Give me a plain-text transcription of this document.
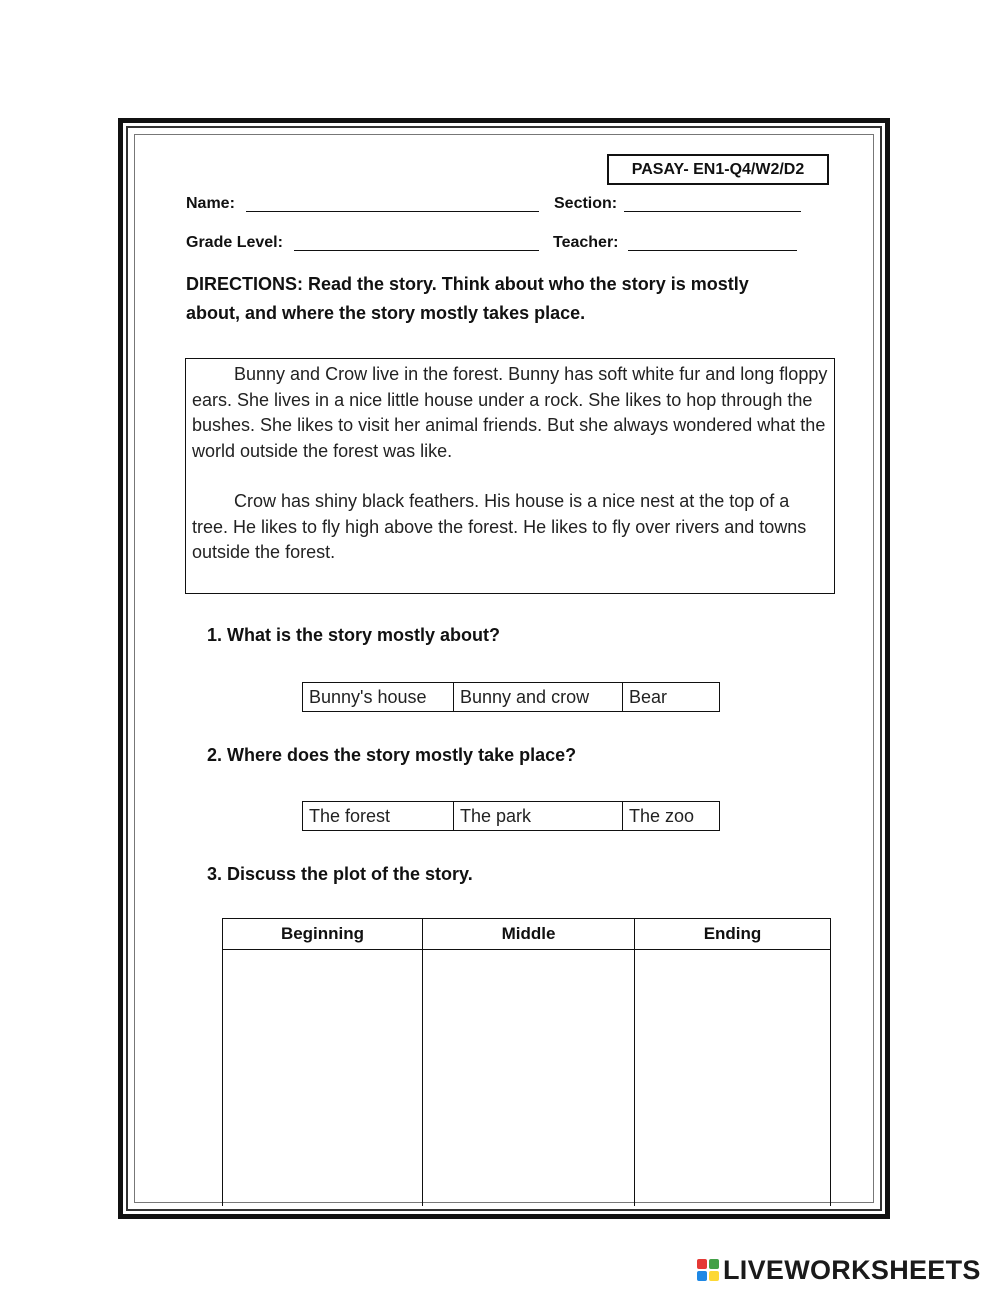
PASAY- EN1-Q4/W2/D2
Name:	Section:
Grade Level:	Teacher:
DIRECTIONS: Read the story. Think about who the story is mostly about, and where the story mostly takes place.

Bunny and Crow live in the forest. Bunny has soft white fur and long floppy ears. She lives in a nice little house under a rock. She likes to hop through the bushes. She likes to visit her animal friends. But she always wondered what the world outside the forest was like.

Crow has shiny black feathers. His house is a nice nest at the top of a tree. He likes to fly high above the forest. He likes to fly over rivers and towns outside the forest.

1. What is the story mostly about?
Bunny's house	Bunny and crow	Bear
2. Where does the story mostly take place?
The forest	The park	The zoo
3. Discuss the plot of the story.
Beginning	Middle	Ending

LIVEWORKSHEETS
